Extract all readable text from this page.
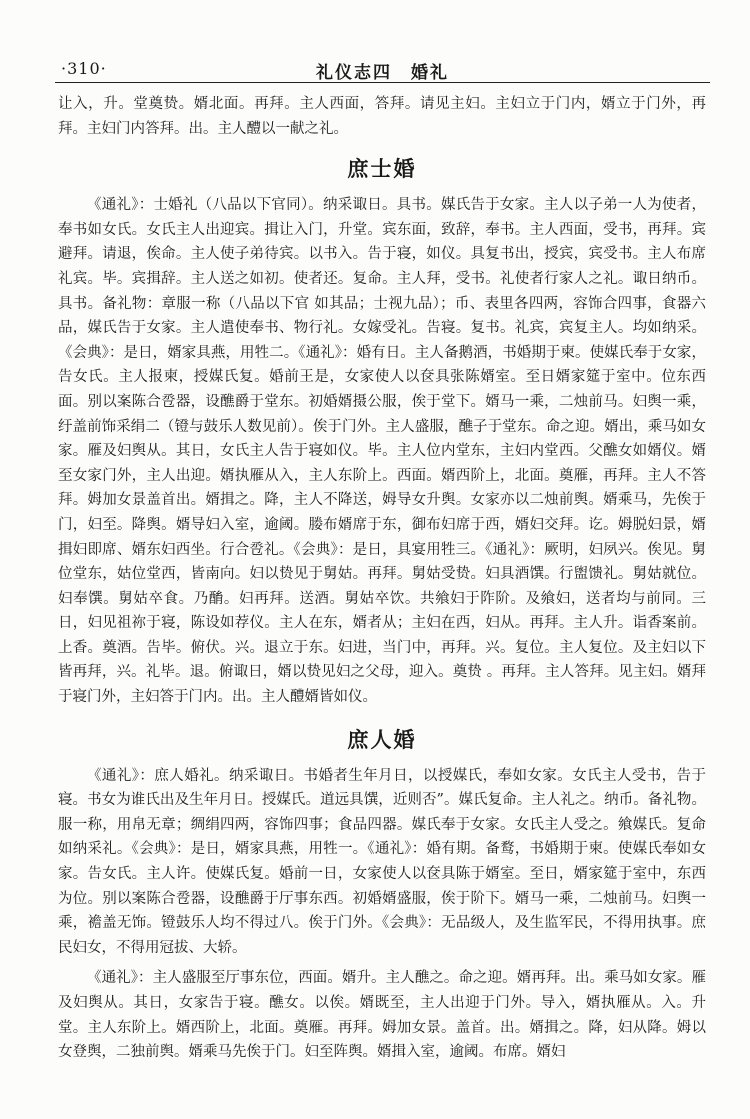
·310·	礼仪志四　婚礼

让入，升。堂奠贽。婿北面。再拜。主人西面，答拜。请见主妇。主妇立于门内，婿立于门外，再拜。主妇门内答拜。出。主人醴以一献之礼。

庶士婚

《通礼》：士婚礼（八品以下官同）。纳采诹日。具书。媒氏告于女家。主人以子弟一人为使者，奉书如女氏。女氏主人出迎宾。揖让入门，升堂。宾东面，致辞，奉书。主人西面，受书，再拜。宾避拜。请退，俟命。主人使子弟待宾。以书入。告于寝，如仪。具复书出，授宾，宾受书。主人布席礼宾。毕。宾揖辞。主人送之如初。使者还。复命。主人拜，受书。礼使者行家人之礼。诹日纳币。具书。备礼物：章服一称（八品以下官 如其品；士视九品）；币、表里各四两，容饰合四事，食器六品，媒氏告于女家。主人遣使奉书、物行礼。女嫁受礼。告寝。复书。礼宾，宾复主人。均如纳采。《会典》：是日，婿家具燕，用牲二。《通礼》：婚有日。主人备鹅酒，书婚期于柬。使媒氏奉于女家，告女氏。主人报柬，授媒氏复。婚前王是，女家使人以奁具张陈婿室。至日婿家筵于室中。位东西面。别以案陈合卺器，设醮爵于堂东。初婚婿摄公服，俟于堂下。婿马一乘，二烛前马。妇舆一乘，纡盖前饰采绢二（镫与鼓乐人数见前）。俟于门外。主人盛服，醮子于堂东。命之迎。婿出，乘马如女家。雁及妇舆从。其日，女氏主人告于寝如仪。毕。主人位内堂东，主妇内堂西。父醮女如婿仪。婿至女家门外，主人出迎。婿执雁从入，主人东阶上。西面。婿西阶上，北面。奠雁，再拜。主人不答拜。姆加女景盖首出。婿揖之。降，主人不降送，姆导女升舆。女家亦以二烛前舆。婿乘马，先俟于门，妇至。降舆。婿导妇入室，逾阈。媵布婿席于东，御布妇席于西，婿妇交拜。讫。姆脱妇景，婿揖妇即席、婿东妇西坐。行合卺礼。《会典》：是日，具宴用牲三。《通礼》：厥明，妇夙兴。俟见。舅位堂东，姑位堂西，皆南向。妇以贽见于舅姑。再拜。舅姑受贽。妇具酒馔。行盥馈礼。舅姑就位。妇奉馔。舅姑卒食。乃酳。妇再拜。送酒。舅姑卒饮。共飨妇于阼阶。及飨妇，送者均与前同。三日，妇见祖祢于寝，陈设如荐仪。主人在东，婿者从；主妇在西，妇从。再拜。主人升。诣香案前。上香。奠酒。告毕。俯伏。兴。退立于东。妇进，当门中，再拜。兴。复位。主人复位。及主妇以下皆再拜，兴。礼毕。退。俯诹日，婿以贽见妇之父母，迎入。奠贽 。再拜。主人答拜。见主妇。婿拜于寝门外，主妇答于门内。出。主人醴婿皆如仪。

庶人婚

《通礼》：庶人婚礼。纳采诹日。书婚者生年月日，以授媒氏，奉如女家。女氏主人受书，告于寝。书女为谁氏出及生年月日。授媒氏。道远具馔，近则否”。媒氏复命。主人礼之。纳币。备礼物。服一称，用帛无章；绸绢四两，容饰四事；食品四器。媒氏奉于女家。女氏主人受之。飨媒氏。复命如纳采礼。《会典》：是日，婿家具燕，用牲一。《通礼》：婚有期。备鹜，书婚期于柬。使媒氏奉如女家。告女氏。主人许。使媒氏复。婚前一日，女家使人以奁具陈于婿室。至日，婿家筵于室中，东西为位。别以案陈合卺器，设醮爵于厅事东西。初婚婿盛服，俟于阶下。婿马一乘，二烛前马。妇舆一乘，襜盖无饰。镫鼓乐人均不得过八。俟于门外。《会典》：无品级人，及生监军民，不得用执事。庶民妇女，不得用冠拔、大轿。

《通礼》：主人盛服至厅事东位，西面。婿升。主人醮之。命之迎。婿再拜。出。乘马如女家。雁及妇舆从。其日，女家告于寝。醮女。以俟。婿既至，主人出迎于门外。导入，婿执雁从。入。升堂。主人东阶上。婿西阶上，北面。奠雁。再拜。姆加女景。盖首。出。婿揖之。降，妇从降。姆以女登舆，二独前舆。婿乘马先俟于门。妇至阵舆。婿揖入室，逾阈。布席。婿妇
